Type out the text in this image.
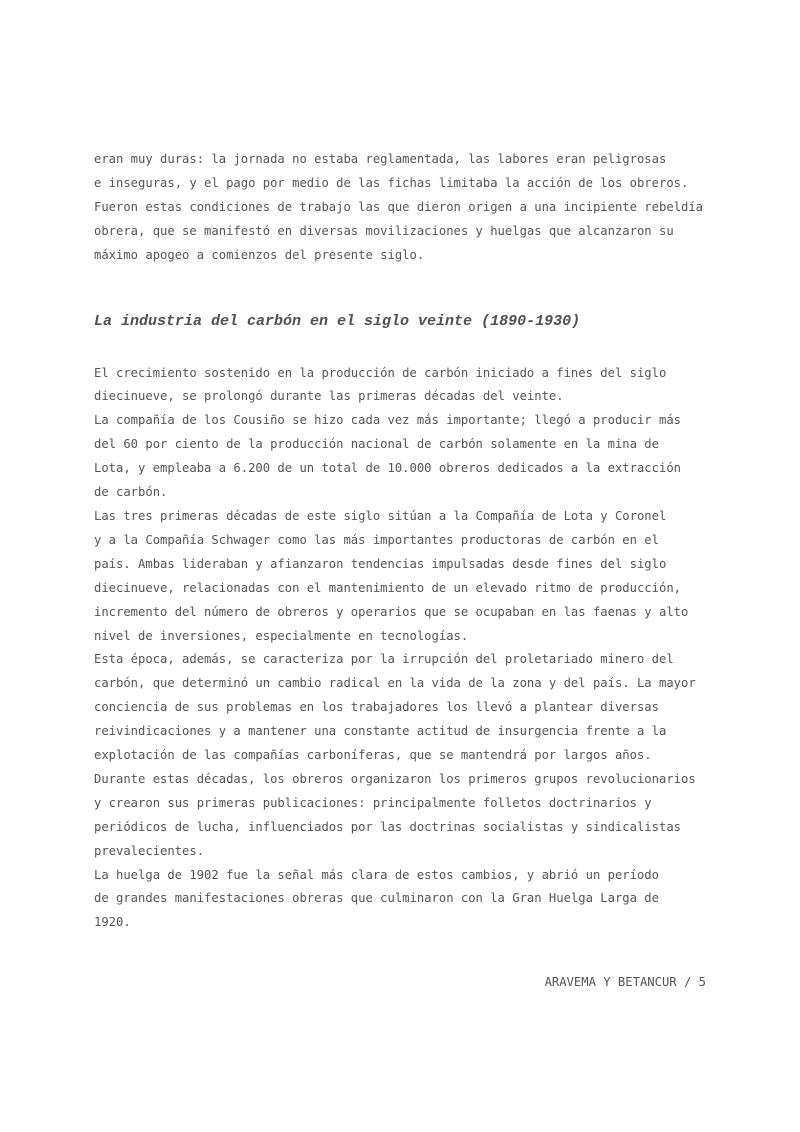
eran muy duras: la jornada no estaba reglamentada, las labores eran peligrosas

e inseguras, y el pago por medio de las fichas limitaba la acción de los obreros.

Fueron estas condiciones de trabajo las que dieron origen a una incipiente rebeldía

obrera, que se manifestó en diversas movilizaciones y huelgas que alcanzaron su

máximo apogeo a comienzos del presente siglo.

La industria del carbón en el siglo veinte (1890-1930)

El crecimiento sostenido en la producción de carbón iniciado a fines del siglo

diecinueve, se prolongó durante las primeras décadas del veinte.

La compañía de los Cousiño se hizo cada vez más importante; llegó a producir más

del 60 por ciento de la producción nacional de carbón solamente en la mina de

Lota, y empleaba a 6.200 de un total de 10.000 obreros dedicados a la extracción

de carbón.

Las tres primeras décadas de este siglo sitúan a la Compañía de Lota y Coronel

y a la Compañía Schwager como las más importantes productoras de carbón en el

país. Ambas lideraban y afianzaron tendencias impulsadas desde fines del siglo

diecinueve, relacionadas con el mantenimiento de un elevado ritmo de producción,

incremento del número de obreros y operarios que se ocupaban en las faenas y alto

nivel de inversiones, especialmente en tecnologías.

Esta época, además, se caracteriza por la irrupción del proletariado minero del

carbón, que determinó un cambio radical en la vida de la zona y del país. La mayor

conciencia de sus problemas en los trabajadores los llevó a plantear diversas

reivindicaciones y a mantener una constante actitud de insurgencia frente a la

explotación de las compañías carboníferas, que se mantendrá por largos años.

Durante estas décadas, los obreros organizaron los primeros grupos revolucionarios

y crearon sus primeras publicaciones: principalmente folletos doctrinarios y

periódicos de lucha, influenciados por las doctrinas socialistas y sindicalistas

prevalecientes.

La huelga de 1902 fue la señal más clara de estos cambios, y abrió un período

de grandes manifestaciones obreras que culminaron con la Gran Huelga Larga de

1920.

ARAVEMA Y BETANCUR / 5
